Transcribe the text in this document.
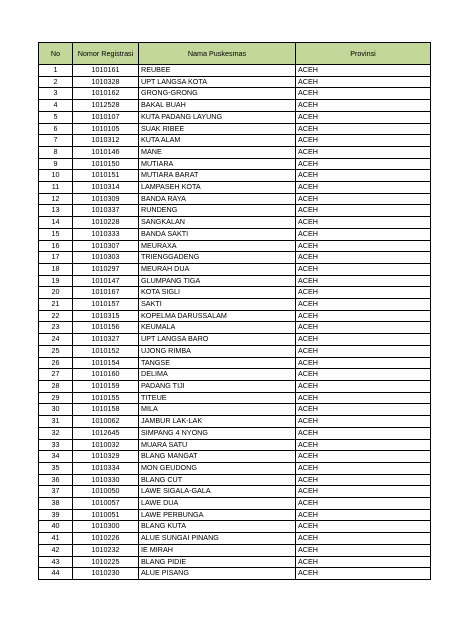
No	Nomor Registrasi	Nama Puskesmas	Provinsi
1	1010161	REUBEE	ACEH
2	1010328	UPT LANGSA KOTA	ACEH
3	1010162	GRONG-GRONG	ACEH
4	1012528	BAKAL BUAH	ACEH
5	1010107	KUTA PADANG LAYUNG	ACEH
6	1010105	SUAK RIBEE	ACEH
7	1010312	KUTA ALAM	ACEH
8	1010146	MANE	ACEH
9	1010150	MUTIARA	ACEH
10	1010151	MUTIARA BARAT	ACEH
11	1010314	LAMPASEH KOTA	ACEH
12	1010309	BANDA RAYA	ACEH
13	1010337	RUNDENG	ACEH
14	1010228	SANGKALAN	ACEH
15	1010333	BANDA SAKTI	ACEH
16	1010307	MEURAXA	ACEH
17	1010303	TRIENGGADENG	ACEH
18	1010297	MEURAH DUA	ACEH
19	1010147	GLUMPANG TIGA	ACEH
20	1010167	KOTA SIGLI	ACEH
21	1010157	SAKTI	ACEH
22	1010315	KOPELMA DARUSSALAM	ACEH
23	1010156	KEUMALA	ACEH
24	1010327	UPT LANGSA BARO	ACEH
25	1010152	UJONG RIMBA	ACEH
26	1010154	TANGSE	ACEH
27	1010160	DELIMA	ACEH
28	1010159	PADANG TIJI	ACEH
29	1010155	TITEUE	ACEH
30	1010158	MILA	ACEH
31	1010062	JAMBUR LAK-LAK	ACEH
32	1012645	SIMPANG 4 NYONG	ACEH
33	1010032	MUARA SATU	ACEH
34	1010329	BLANG MANGAT	ACEH
35	1010334	MON GEUDONG	ACEH
36	1010330	BLANG CUT	ACEH
37	1010050	LAWE SIGALA-GALA	ACEH
38	1010057	LAWE DUA	ACEH
39	1010051	LAWE PERBUNGA	ACEH
40	1010300	BLANG KUTA	ACEH
41	1010226	ALUE SUNGAI PINANG	ACEH
42	1010232	IE MIRAH	ACEH
43	1010225	BLANG PIDIE	ACEH
44	1010230	ALUE PISANG	ACEH
